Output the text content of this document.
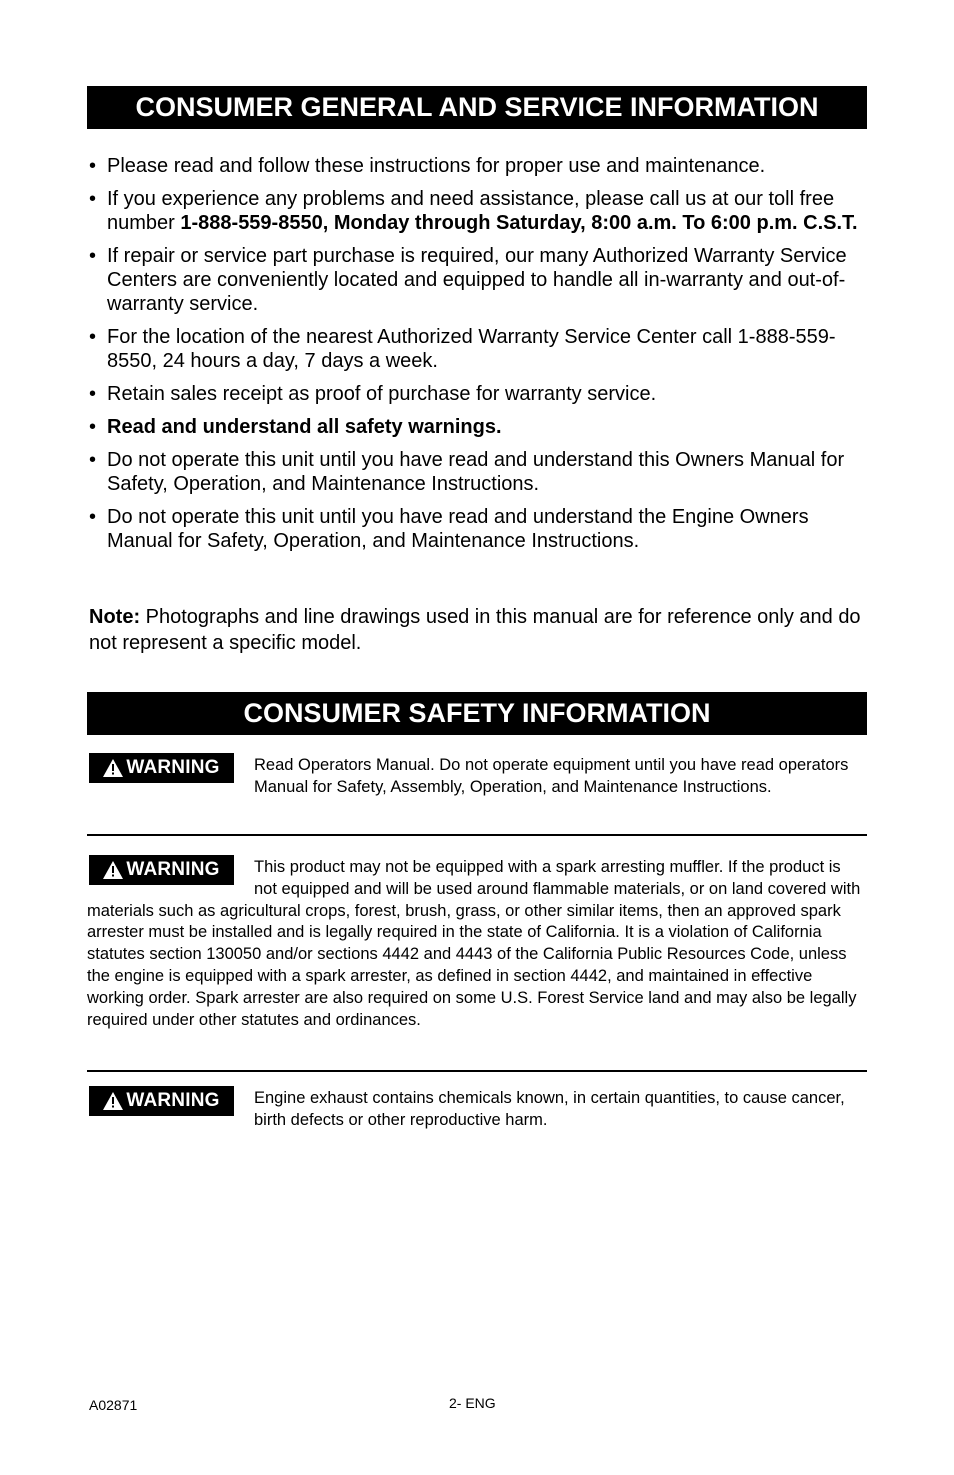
CONSUMER GENERAL AND SERVICE INFORMATION
• Please read and follow these instructions for proper use and maintenance.
• If you experience any problems and need assistance, please call us at our toll free number 1-888-559-8550, Monday through Saturday, 8:00 a.m. To 6:00 p.m. C.S.T.
• If repair or service part purchase is required, our many Authorized Warranty Service Centers are conveniently located and equipped to handle all in-warranty and out-of-warranty service.
• For the location of the nearest Authorized Warranty Service Center call 1-888-559-8550, 24 hours a day, 7 days a week.
• Retain sales receipt as proof of purchase for warranty service.
• Read and understand all safety warnings.
• Do not operate this unit until you have read and understand this Owners Manual for Safety, Operation, and Maintenance Instructions.
• Do not operate this unit until you have read and understand the Engine Owners Manual for Safety, Operation, and Maintenance Instructions.
Note: Photographs and line drawings used in this manual are for reference only and do not represent a specific model.
CONSUMER SAFETY INFORMATION
WARNING Read Operators Manual. Do not operate equipment until you have read operators Manual for Safety, Assembly, Operation, and Maintenance Instructions.
WARNING This product may not be equipped with a spark arresting muffler. If the product is not equipped and will be used around flammable materials, or on land covered with materials such as agricultural crops, forest, brush, grass, or other similar items, then an approved spark arrester must be installed and is legally required in the state of California. It is a violation of California statutes section 130050 and/or sections 4442 and 4443 of the California Public Resources Code, unless the engine is equipped with a spark arrester, as defined in section 4442, and maintained in effective working order. Spark arrester are also required on some U.S. Forest Service land and may also be legally required under other statutes and ordinances.
WARNING Engine exhaust contains chemicals known, in certain quantities, to cause cancer, birth defects or other reproductive harm.
A02871	2- ENG
